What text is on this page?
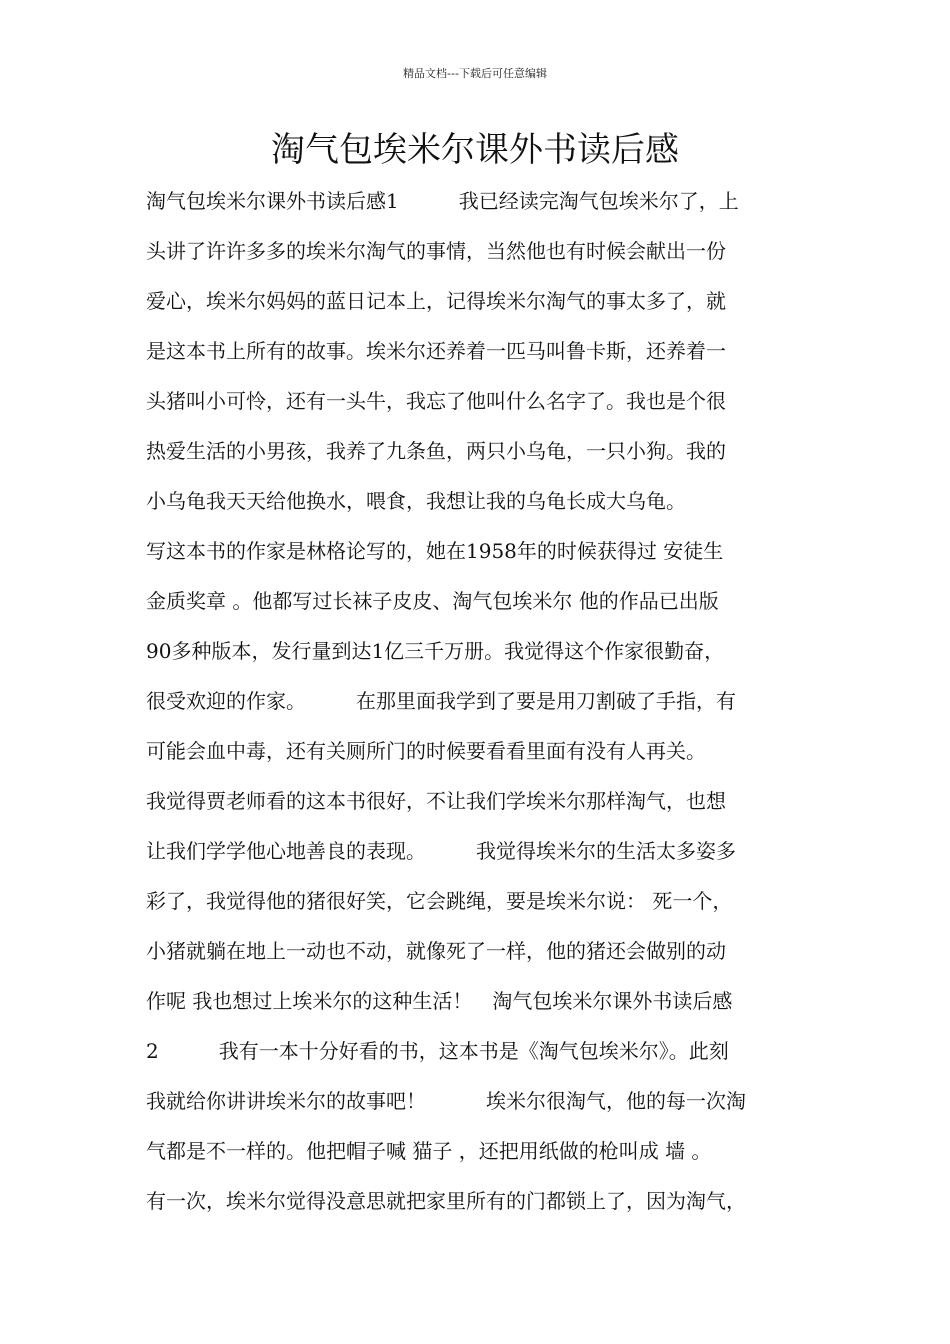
精品文档---下载后可任意编辑
淘气包埃米尔课外书读后感
淘气包埃米尔课外书读后感1　　　我已经读完淘气包埃米尔了，上
头讲了许许多多的埃米尔淘气的事情，当然他也有时候会献出一份
爱心，埃米尔妈妈的蓝日记本上，记得埃米尔淘气的事太多了，就
是这本书上所有的故事。埃米尔还养着一匹马叫鲁卡斯，还养着一
头猪叫小可怜，还有一头牛，我忘了他叫什么名字了。我也是个很
热爱生活的小男孩，我养了九条鱼，两只小乌龟，一只小狗。我的
小乌龟我天天给他换水，喂食，我想让我的乌龟长成大乌龟。
写这本书的作家是林格论写的，她在1958年的时候获得过 安徒生
金质奖章 。他都写过长袜子皮皮、淘气包埃米尔 他的作品已出版
90多种版本，发行量到达1亿三千万册。我觉得这个作家很勤奋，
很受欢迎的作家。　　　在那里面我学到了要是用刀割破了手指，有
可能会血中毒，还有关厕所门的时候要看看里面有没有人再关。
我觉得贾老师看的这本书很好，不让我们学埃米尔那样淘气，也想
让我们学学他心地善良的表现。　　　我觉得埃米尔的生活太多姿多
彩了，我觉得他的猪很好笑，它会跳绳，要是埃米尔说： 死一个，
小猪就躺在地上一动也不动，就像死了一样，他的猪还会做别的动
作呢 我也想过上埃米尔的这种生活！　淘气包埃米尔课外书读后感
2　　　我有一本十分好看的书，这本书是《淘气包埃米尔》。此刻
我就给你讲讲埃米尔的故事吧！　　　埃米尔很淘气，他的每一次淘
气都是不一样的。他把帽子喊 猫子 ，还把用纸做的枪叫成 墙 。
有一次，埃米尔觉得没意思就把家里所有的门都锁上了，因为淘气，
